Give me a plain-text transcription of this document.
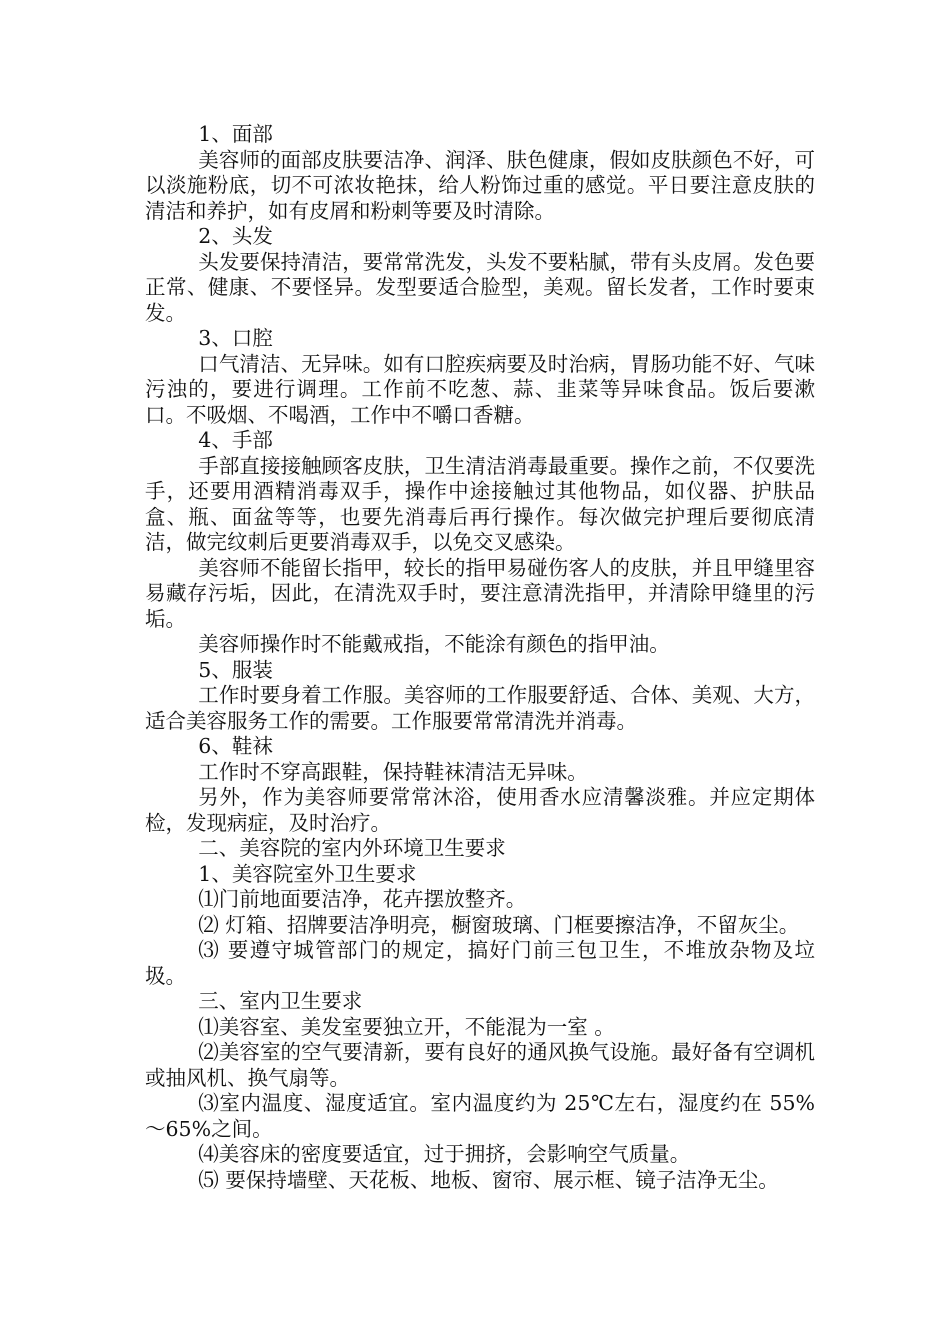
1、面部

美容师的面部皮肤要洁净、润泽、肤色健康，假如皮肤颜色不好，可以淡施粉底，切不可浓妆艳抹，给人粉饰过重的感觉。平日要注意皮肤的清洁和养护，如有皮屑和粉刺等要及时清除。

2、头发

头发要保持清洁，要常常洗发，头发不要粘腻，带有头皮屑。发色要正常、健康、不要怪异。发型要适合脸型，美观。留长发者，工作时要束发。

3、口腔

口气清洁、无异味。如有口腔疾病要及时治病，胃肠功能不好、气味污浊的，要进行调理。工作前不吃葱、蒜、韭菜等异味食品。饭后要漱口。不吸烟、不喝酒，工作中不嚼口香糖。

4、手部

手部直接接触顾客皮肤，卫生清洁消毒最重要。操作之前，不仅要洗手，还要用酒精消毒双手，操作中途接触过其他物品，如仪器、护肤品盒、瓶、面盆等等，也要先消毒后再行操作。每次做完护理后要彻底清洁，做完纹刺后更要消毒双手，以免交叉感染。

美容师不能留长指甲，较长的指甲易碰伤客人的皮肤，并且甲缝里容易藏存污垢，因此，在清洗双手时，要注意清洗指甲，并清除甲缝里的污垢。

美容师操作时不能戴戒指，不能涂有颜色的指甲油。

5、服装

工作时要身着工作服。美容师的工作服要舒适、合体、美观、大方，适合美容服务工作的需要。工作服要常常清洗并消毒。

6、鞋袜

工作时不穿高跟鞋，保持鞋袜清洁无异味。

另外，作为美容师要常常沐浴，使用香水应清馨淡雅。并应定期体检，发现病症，及时治疗。

二、美容院的室内外环境卫生要求

1、美容院室外卫生要求

⑴门前地面要洁净，花卉摆放整齐。

⑵ 灯箱、招牌要洁净明亮，橱窗玻璃、门框要擦洁净，不留灰尘。

⑶ 要遵守城管部门的规定，搞好门前三包卫生，不堆放杂物及垃圾。

三、室内卫生要求

⑴美容室、美发室要独立开，不能混为一室 。

⑵美容室的空气要清新，要有良好的通风换气设施。最好备有空调机或抽风机、换气扇等。

⑶室内温度、湿度适宜。室内温度约为 25℃左右，湿度约在 55%～65%之间。

⑷美容床的密度要适宜，过于拥挤，会影响空气质量。

⑸ 要保持墙壁、天花板、地板、窗帘、展示框、镜子洁净无尘。
